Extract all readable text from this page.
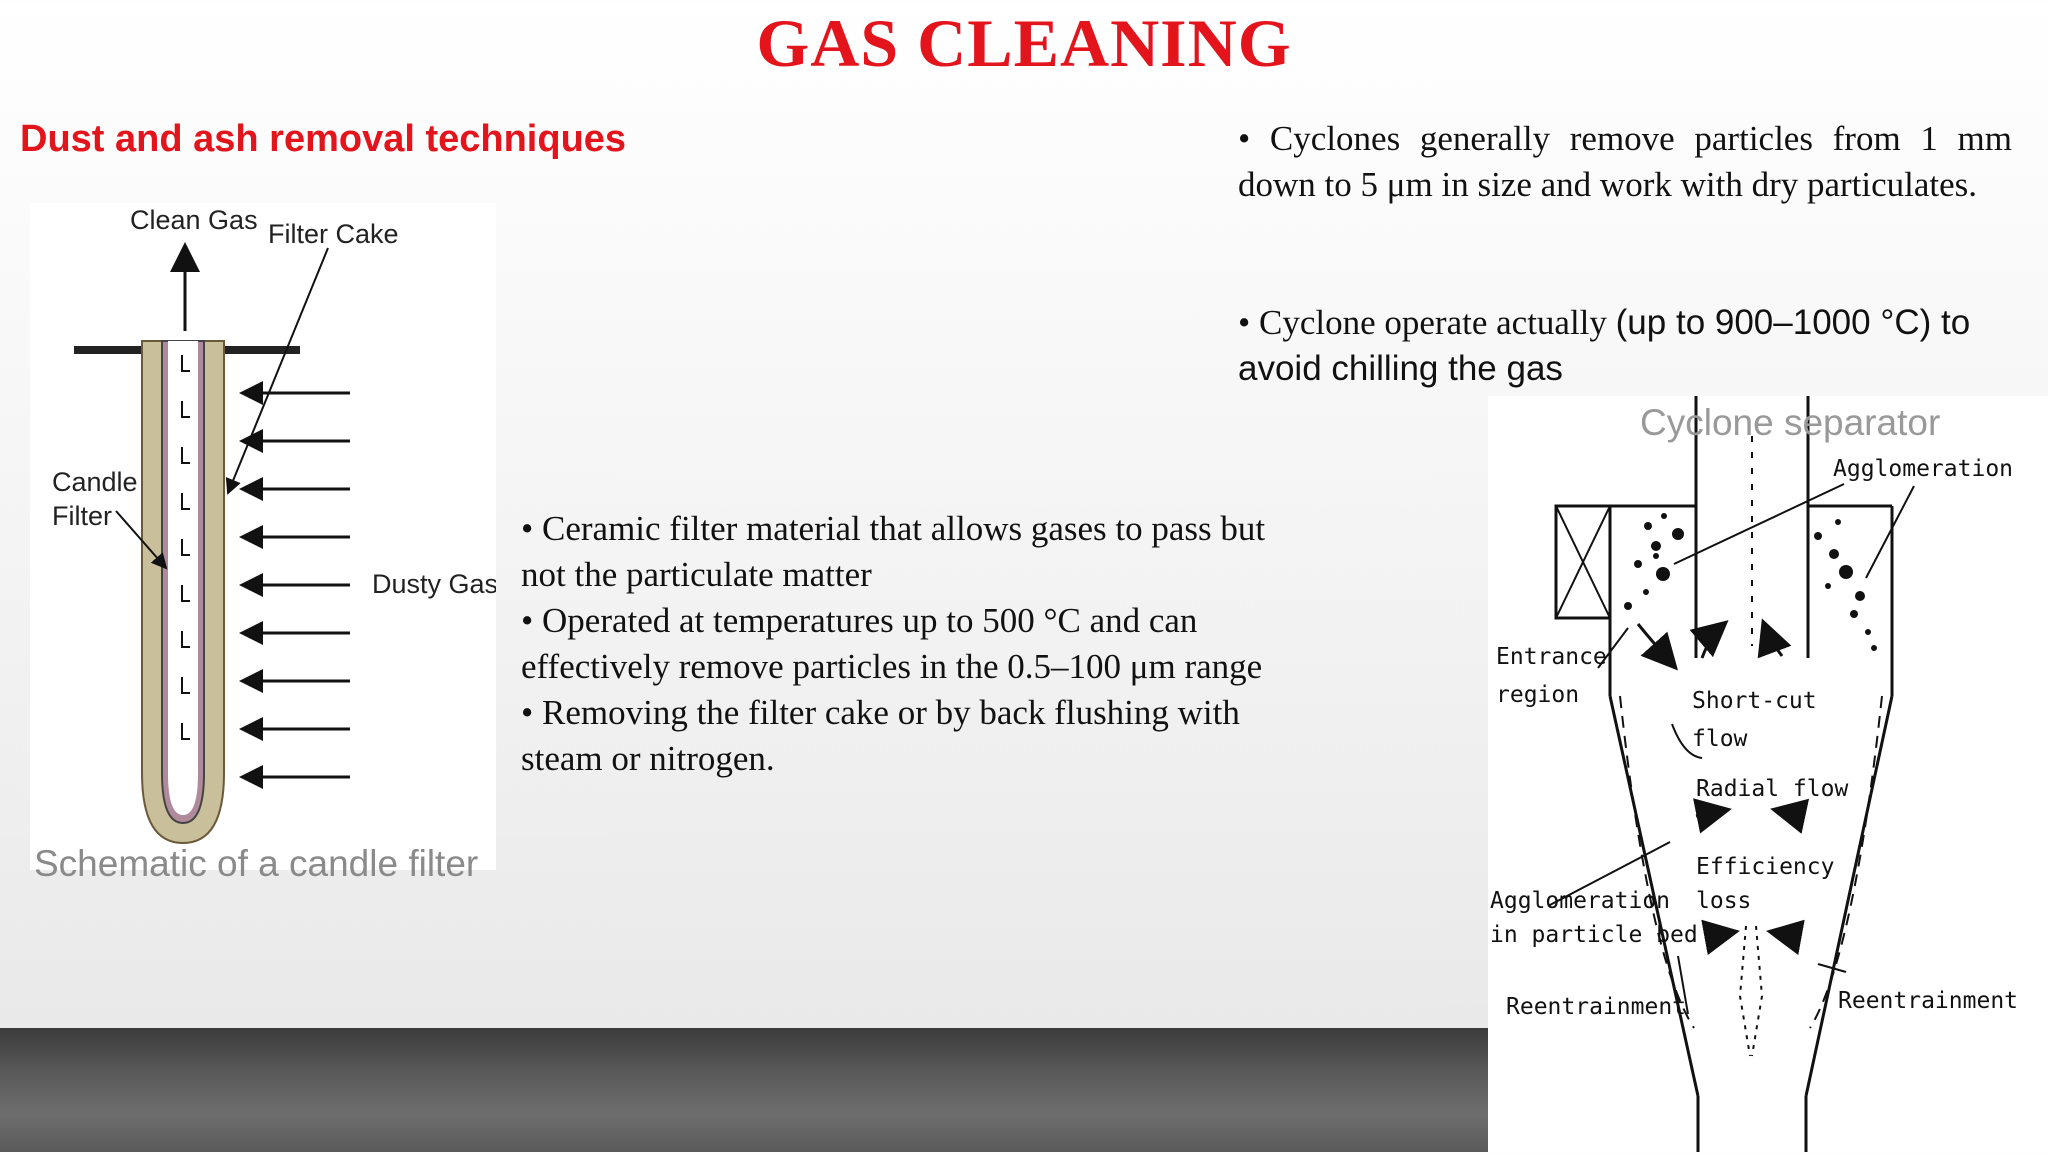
GAS CLEANING
Dust and ash removal techniques
Clean Gas Filter Cake
Candle
Filter
Dusty Gas
Schematic of a candle filter
• Ceramic filter material that allows gases to pass but not the particulate matter
• Operated at temperatures up to 500 °C and can effectively remove particles in the 0.5–100 μm range
• Removing the filter cake or by back flushing with steam or nitrogen.
• Cyclones generally remove particles from 1 mm down to 5 μm in size and work with dry particulates.
• Cyclone operate actually (up to 900–1000 °C) to avoid chilling the gas
Agglomeration
Entrance
region	Short-cut
flow
Radial flow
Efficiency
loss
Agglomeration
in particle bed
Reentrainment	Reentrainment
Cyclone separator
